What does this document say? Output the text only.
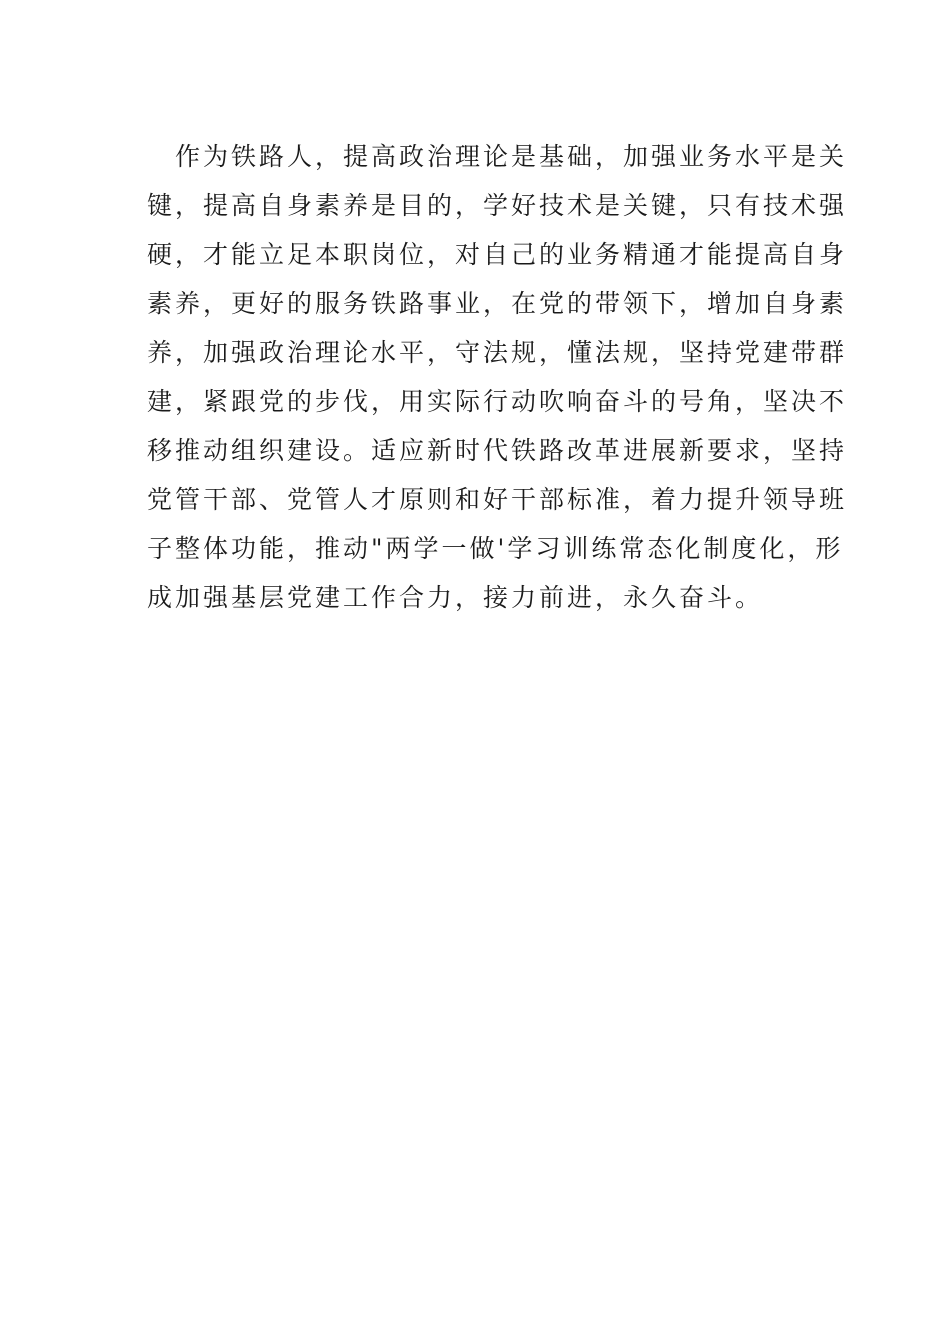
作为铁路人，提高政治理论是基础，加强业务水平是关
键，提高自身素养是目的，学好技术是关键，只有技术强
硬，才能立足本职岗位，对自己的业务精通才能提高自身
素养，更好的服务铁路事业，在党的带领下，增加自身素
养，加强政治理论水平，守法规，懂法规，坚持党建带群
建，紧跟党的步伐，用实际行动吹响奋斗的号角，坚决不
移推动组织建设。适应新时代铁路改革进展新要求，坚持
党管干部、党管人才原则和好干部标准，着力提升领导班
子整体功能，推动"两学一做'学习训练常态化制度化，形
成加强基层党建工作合力，接力前进，永久奋斗。
